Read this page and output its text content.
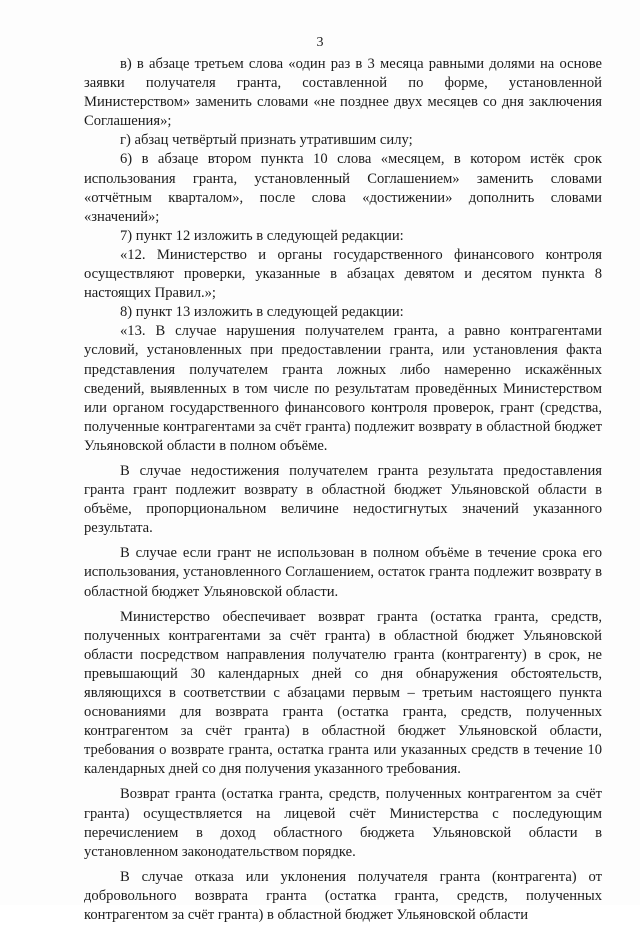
3

в) в абзаце третьем слова «один раз в 3 месяца равными долями на основе заявки получателя гранта, составленной по форме, установленной Министерством» заменить словами «не позднее двух месяцев со дня заключения Соглашения»;

г) абзац четвёртый признать утратившим силу;

6) в абзаце втором пункта 10 слова «месяцем, в котором истёк срок использования гранта, установленный Соглашением» заменить словами «отчётным кварталом», после слова «достижении» дополнить словами «значений»;

7) пункт 12 изложить в следующей редакции:

«12. Министерство и органы государственного финансового контроля осуществляют проверки, указанные в абзацах девятом и десятом пункта 8 настоящих Правил.»;

8) пункт 13 изложить в следующей редакции:

«13. В случае нарушения получателем гранта, а равно контрагентами условий, установленных при предоставлении гранта, или установления факта представления получателем гранта ложных либо намеренно искажённых сведений, выявленных в том числе по результатам проведённых Министерством или органом государственного финансового контроля проверок, грант (средства, полученные контрагентами за счёт гранта) подлежит возврату в областной бюджет Ульяновской области в полном объёме.

В случае недостижения получателем гранта результата предоставления гранта грант подлежит возврату в областной бюджет Ульяновской области в объёме, пропорциональном величине недостигнутых значений указанного результата.

В случае если грант не использован в полном объёме в течение срока его использования, установленного Соглашением, остаток гранта подлежит возврату в областной бюджет Ульяновской области.

Министерство обеспечивает возврат гранта (остатка гранта, средств, полученных контрагентами за счёт гранта) в областной бюджет Ульяновской области посредством направления получателю гранта (контрагенту) в срок, не превышающий 30 календарных дней со дня обнаружения обстоятельств, являющихся в соответствии с абзацами первым – третьим настоящего пункта основаниями для возврата гранта (остатка гранта, средств, полученных контрагентом за счёт гранта) в областной бюджет Ульяновской области, требования о возврате гранта, остатка гранта или указанных средств в течение 10 календарных дней со дня получения указанного требования.

Возврат гранта (остатка гранта, средств, полученных контрагентом за счёт гранта) осуществляется на лицевой счёт Министерства с последующим перечислением в доход областного бюджета Ульяновской области в установленном законодательством порядке.

В случае отказа или уклонения получателя гранта (контрагента) от добровольного возврата гранта (остатка гранта, средств, полученных контрагентом за счёт гранта) в областной бюджет Ульяновской области
